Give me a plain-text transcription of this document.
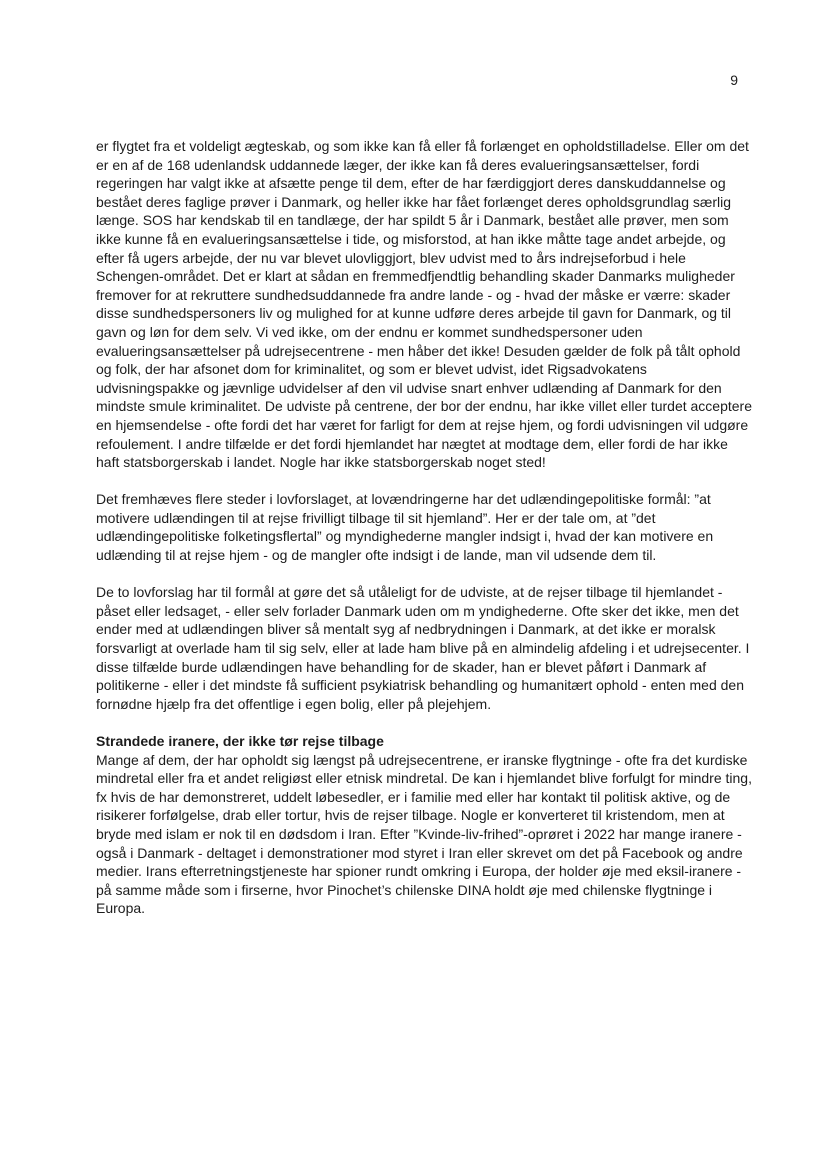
9

er flygtet fra et voldeligt ægteskab, og som ikke kan få eller få forlænget en opholdstilladelse. Eller om det er en af de 168 udenlandsk uddannede læger, der ikke kan få deres evalueringsansættelser, fordi regeringen har valgt ikke at afsætte penge til dem, efter de har færdiggjort deres danskuddannelse og bestået deres faglige prøver i Danmark, og heller ikke har fået forlænget deres opholdsgrundlag særlig længe. SOS har kendskab til en tandlæge, der har spildt 5 år i Danmark, bestået alle prøver, men som ikke kunne få en evalueringsansættelse i tide, og misforstod, at han ikke måtte tage andet arbejde, og efter få ugers arbejde, der nu var blevet ulovliggjort, blev udvist med to års indrejseforbud i hele Schengen-området. Det er klart at sådan en fremmedfjendtlig behandling skader Danmarks muligheder fremover for at rekruttere sundhedsuddannede fra andre lande - og - hvad der måske er værre: skader disse sundhedspersoners liv og mulighed for at kunne udføre deres arbejde til gavn for Danmark, og til gavn og løn for dem selv. Vi ved ikke, om der endnu er kommet sundhedspersoner uden evalueringsansættelser på udrejsecentrene - men håber det ikke! Desuden gælder de folk på tålt ophold og folk, der har afsonet dom for kriminalitet, og som er blevet udvist, idet Rigsadvokatens udvisningspakke og jævnlige udvidelser af den vil udvise snart enhver udlænding af Danmark for den mindste smule kriminalitet. De udviste på centrene, der bor der endnu, har ikke villet eller turdet acceptere en hjemsendelse - ofte fordi det har været for farligt for dem at rejse hjem, og fordi udvisningen vil udgøre refoulement. I andre tilfælde er det fordi hjemlandet har nægtet at modtage dem, eller fordi de har ikke haft statsborgerskab i landet. Nogle har ikke statsborgerskab noget sted!

Det fremhæves flere steder i lovforslaget, at lovændringerne har det udlændingepolitiske formål: ”at motivere udlændingen til at rejse frivilligt tilbage til sit hjemland”. Her er der tale om, at ”det udlændingepolitiske folketingsflertal” og myndighederne mangler indsigt i, hvad der kan motivere en udlænding til at rejse hjem - og de mangler ofte indsigt i de lande, man vil udsende dem til.

De to lovforslag har til formål at gøre det så utåleligt for de udviste, at de rejser tilbage til hjemlandet - påset eller ledsaget, - eller selv forlader Danmark uden om m yndighederne. Ofte sker det ikke, men det ender med at udlændingen bliver så mentalt syg af nedbrydningen i Danmark, at det ikke er moralsk forsvarligt at overlade ham til sig selv, eller at lade ham blive på en almindelig afdeling i et udrejsecenter. I disse tilfælde burde udlændingen have behandling for de skader, han er blevet påført i Danmark af politikerne - eller i det mindste få sufficient psykiatrisk behandling og humanitært ophold - enten med den fornødne hjælp fra det offentlige i egen bolig, eller på plejehjem.

Strandede iranere, der ikke tør rejse tilbage

Mange af dem, der har opholdt sig længst på udrejsecentrene, er iranske flygtninge - ofte fra det kurdiske mindretal eller fra et andet religiøst eller etnisk mindretal. De kan i hjemlandet blive forfulgt for mindre ting, fx hvis de har demonstreret, uddelt løbesedler, er i familie med eller har kontakt til politisk aktive, og de risikerer forfølgelse, drab eller tortur, hvis de rejser tilbage. Nogle er konverteret til kristendom, men at bryde med islam er nok til en dødsdom i Iran. Efter ”Kvinde-liv-frihed”-oprøret i 2022 har mange iranere - også i Danmark - deltaget i demonstrationer mod styret i Iran eller skrevet om det på Facebook og andre medier. Irans efterretningstjeneste har spioner rundt omkring i Europa, der holder øje med eksil-iranere - på samme måde som i firserne, hvor Pinochet’s chilenske DINA holdt øje med chilenske flygtninge i Europa.
